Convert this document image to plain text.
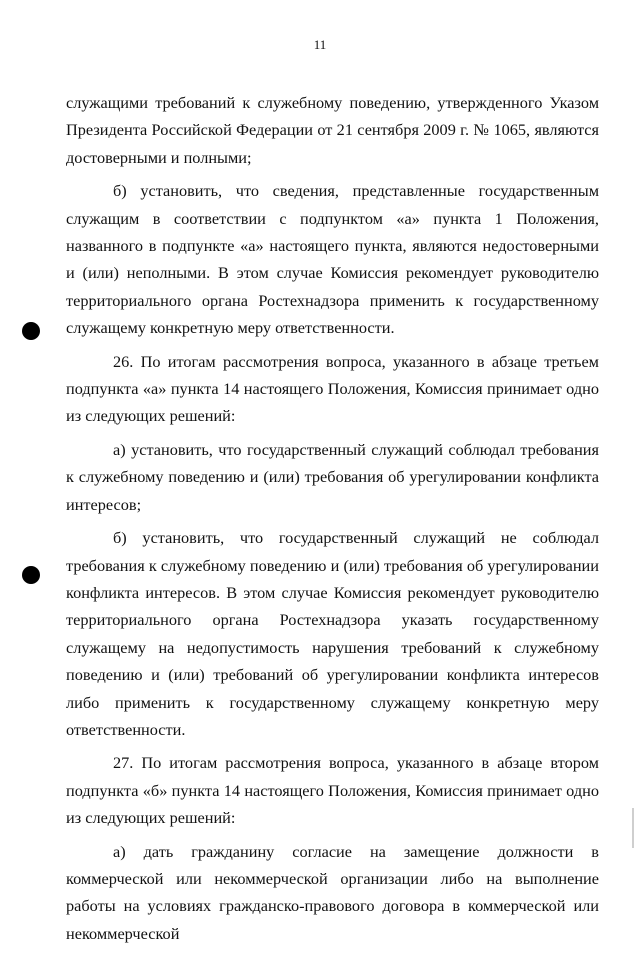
11

служащими требований к служебному поведению, утвержденного Указом Президента Российской Федерации от 21 сентября 2009 г. № 1065, являются достоверными и полными;

б) установить, что сведения, представленные государственным служащим в соответствии с подпунктом «а» пункта 1 Положения, названного в подпункте «а» настоящего пункта, являются недостоверными и (или) неполными. В этом случае Комиссия рекомендует руководителю территориального органа Ростехнадзора применить к государственному служащему конкретную меру ответственности.

26. По итогам рассмотрения вопроса, указанного в абзаце третьем подпункта «а» пункта 14 настоящего Положения, Комиссия принимает одно из следующих решений:

а) установить, что государственный служащий соблюдал требования к служебному поведению и (или) требования об урегулировании конфликта интересов;

б) установить, что государственный служащий не соблюдал требования к служебному поведению и (или) требования об урегулировании конфликта интересов. В этом случае Комиссия рекомендует руководителю территориального органа Ростехнадзора указать государственному служащему на недопустимость нарушения требований к служебному поведению и (или) требований об урегулировании конфликта интересов либо применить к государственному служащему конкретную меру ответственности.

27. По итогам рассмотрения вопроса, указанного в абзаце втором подпункта «б» пункта 14 настоящего Положения, Комиссия принимает одно из следующих решений:

а) дать гражданину согласие на замещение должности в коммерческой или некоммерческой организации либо на выполнение работы на условиях гражданско-правового договора в коммерческой или некоммерческой
